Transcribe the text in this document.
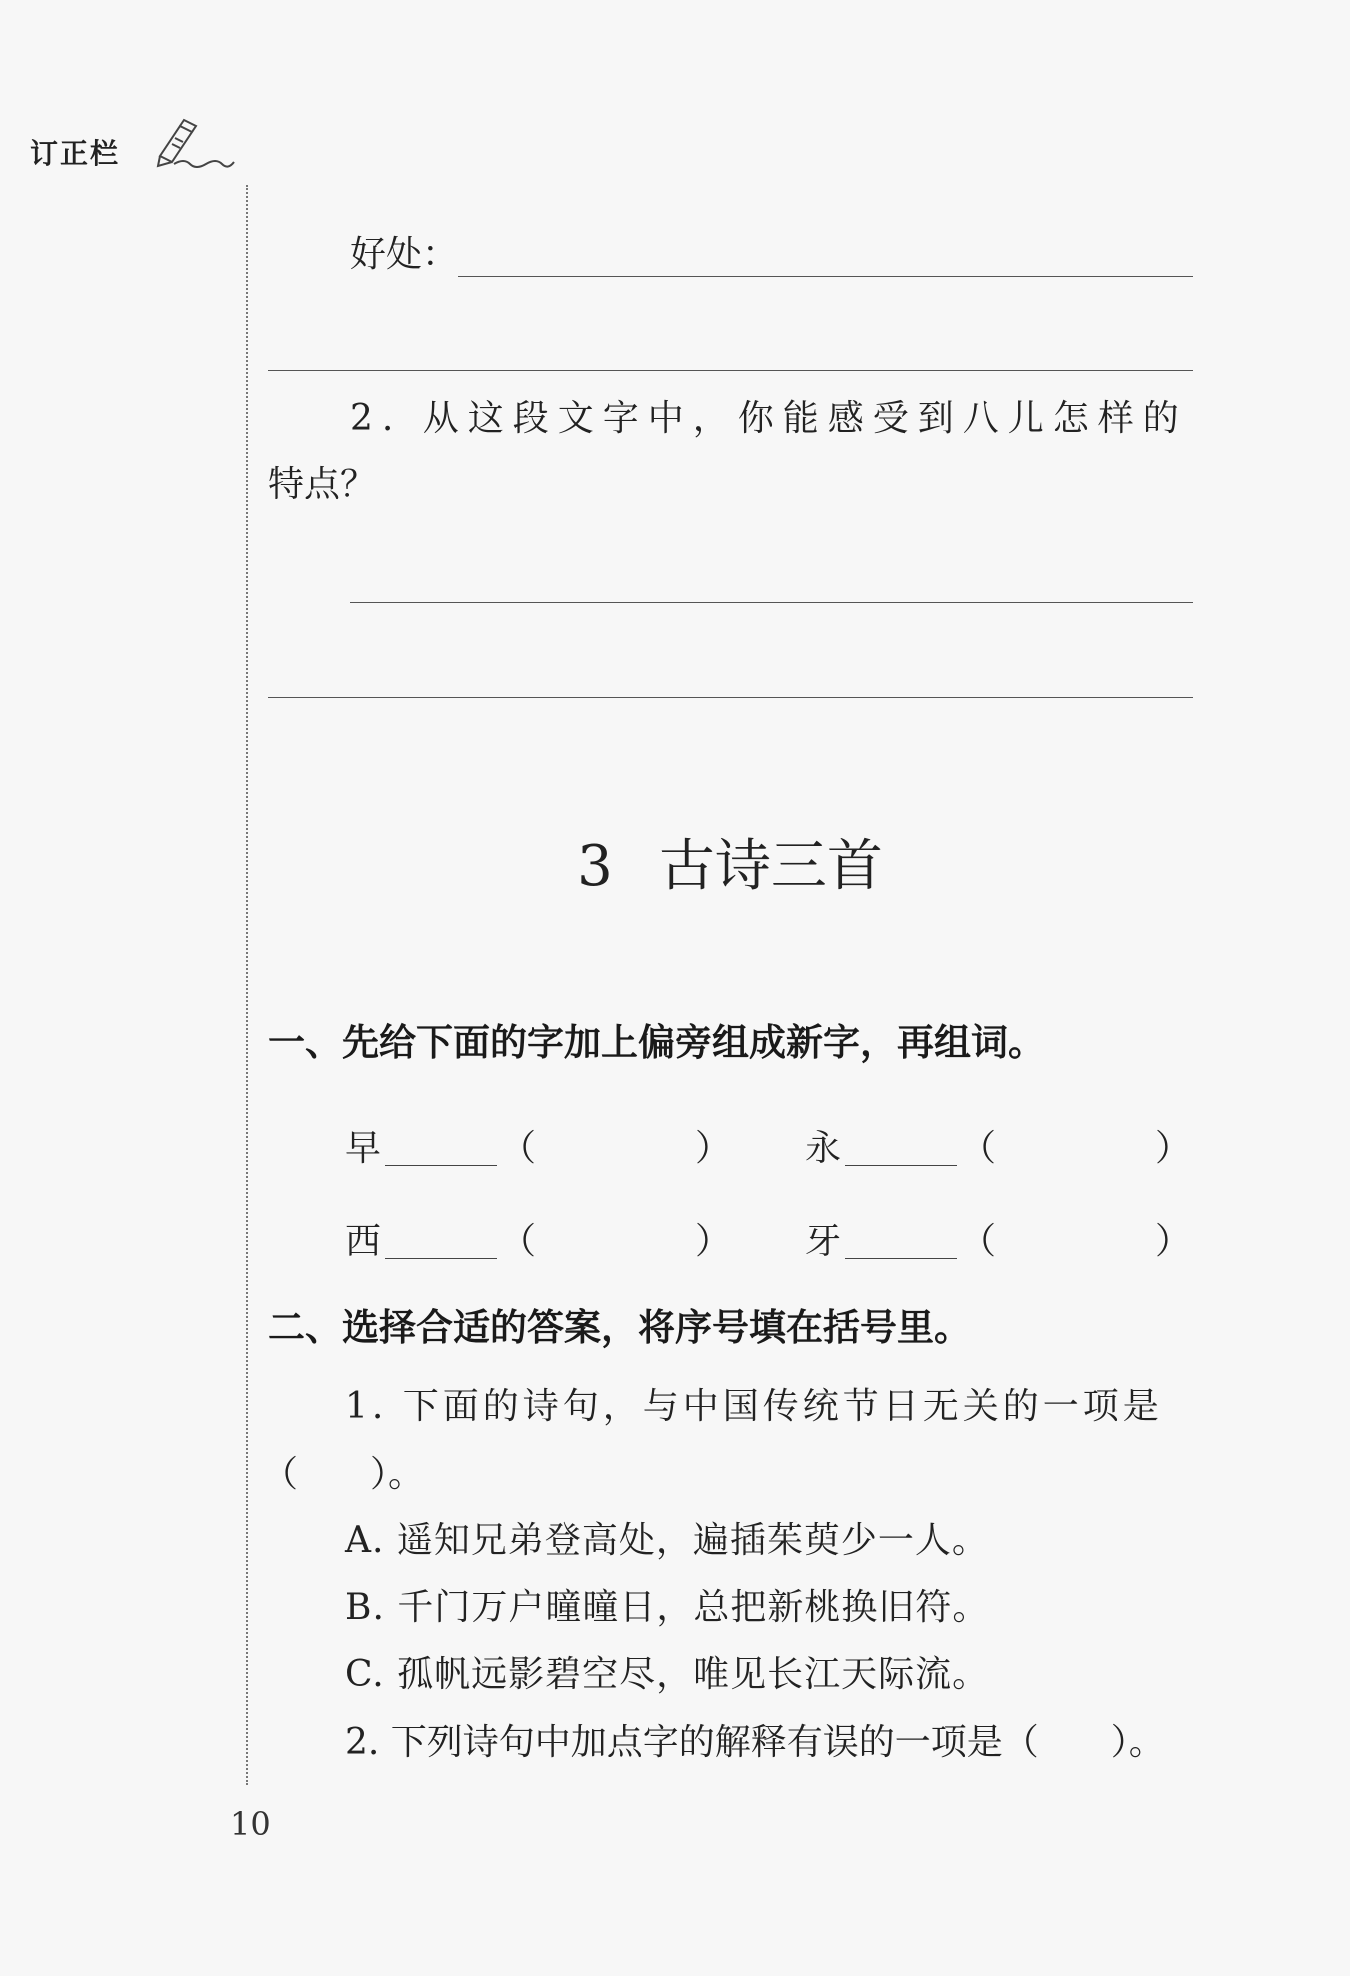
订正栏
好处：
2. 从这段文字中，你能感受到八儿怎样的
特点？
3 古诗三首
一、先给下面的字加上偏旁组成新字，再组词。
早	（	） 永	（	）
西	（	） 牙	（	）
二、选择合适的答案，将序号填在括号里。
1. 下面的诗句，与中国传统节日无关的一项是
（　　）。
A. 遥知兄弟登高处，遍插茱萸少一人。
B. 千门万户曈曈日，总把新桃换旧符。
C. 孤帆远影碧空尽，唯见长江天际流。
2. 下列诗句中加点字的解释有误的一项是（　　）。
10
